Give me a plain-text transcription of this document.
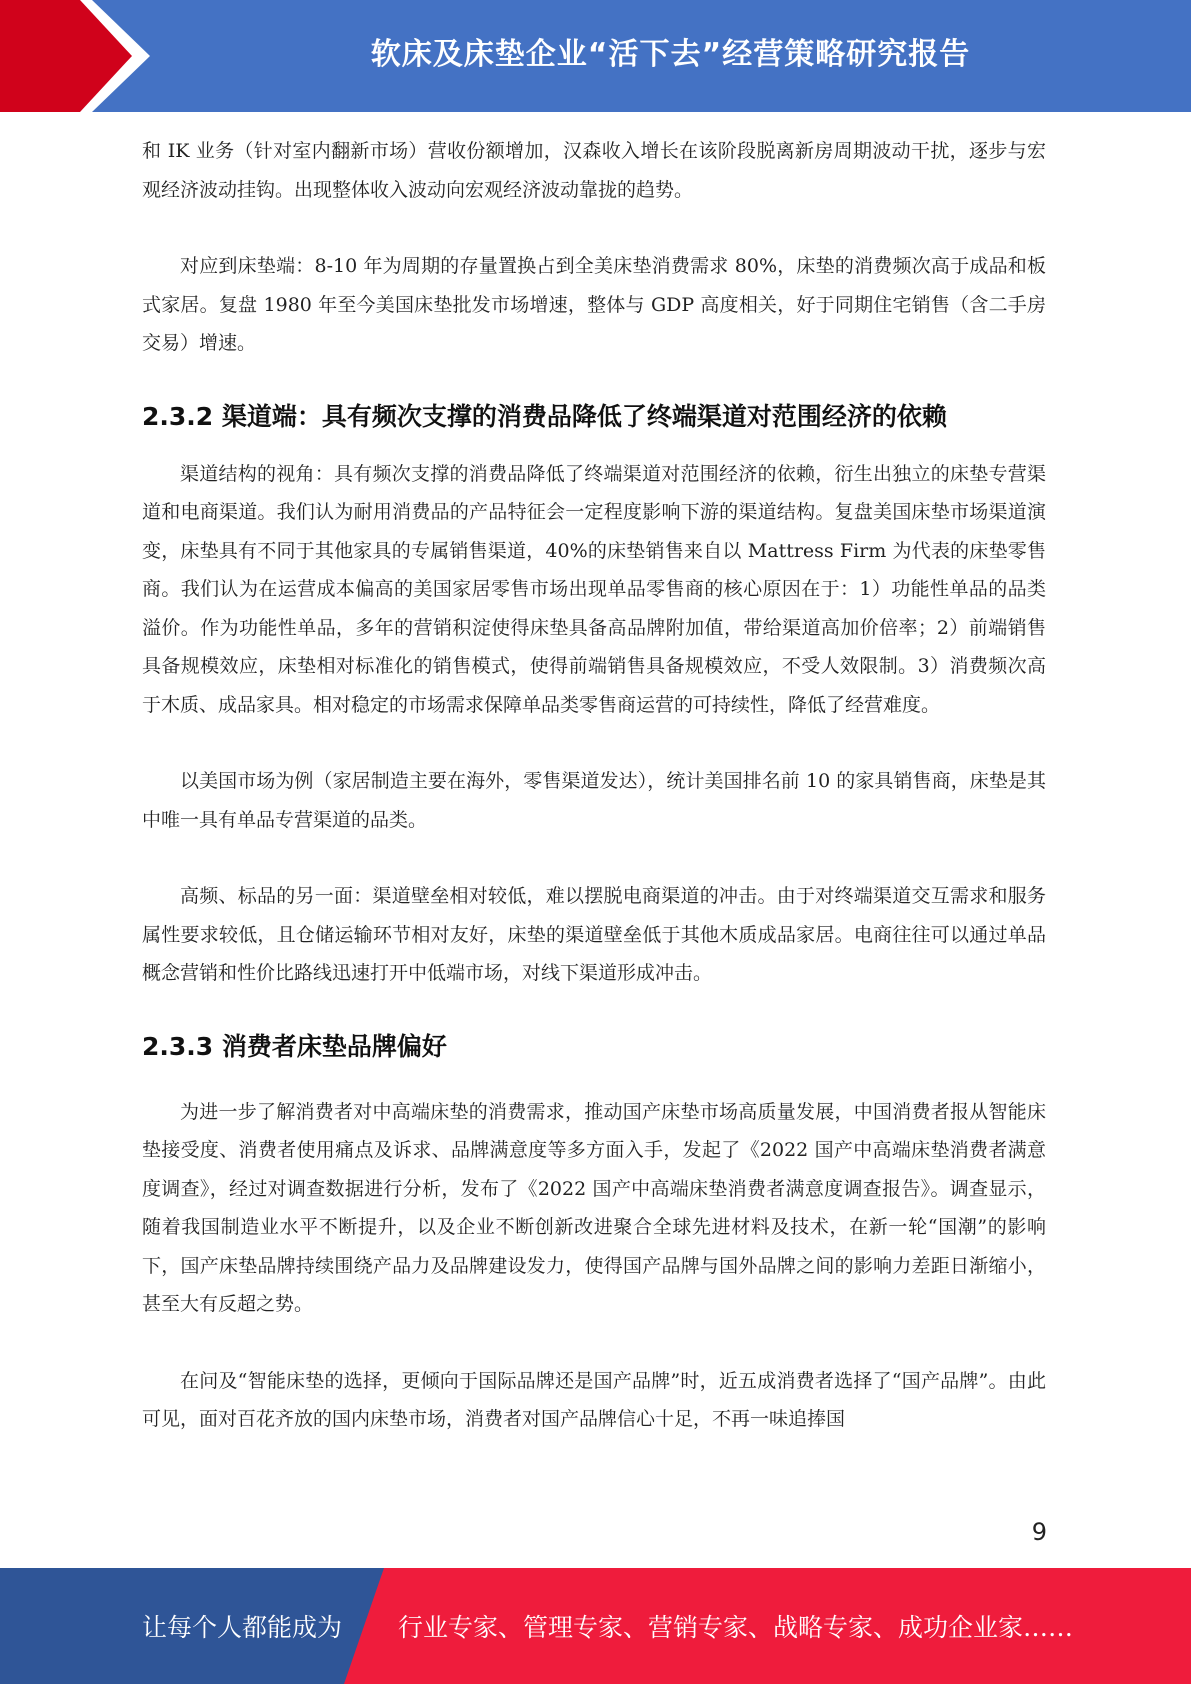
软床及床垫企业“活下去”经营策略研究报告

和 IK 业务（针对室内翻新市场）营收份额增加，汉森收入增长在该阶段脱离新房周期波动干扰，逐步与宏观经济波动挂钩。出现整体收入波动向宏观经济波动靠拢的趋势。

对应到床垫端：8-10 年为周期的存量置换占到全美床垫消费需求 80%，床垫的消费频次高于成品和板式家居。复盘 1980 年至今美国床垫批发市场增速，整体与 GDP 高度相关，好于同期住宅销售（含二手房交易）增速。

2.3.2 渠道端：具有频次支撑的消费品降低了终端渠道对范围经济的依赖

渠道结构的视角：具有频次支撑的消费品降低了终端渠道对范围经济的依赖，衍生出独立的床垫专营渠道和电商渠道。我们认为耐用消费品的产品特征会一定程度影响下游的渠道结构。复盘美国床垫市场渠道演变，床垫具有不同于其他家具的专属销售渠道，40%的床垫销售来自以 Mattress Firm 为代表的床垫零售商。我们认为在运营成本偏高的美国家居零售市场出现单品零售商的核心原因在于：1）功能性单品的品类溢价。作为功能性单品，多年的营销积淀使得床垫具备高品牌附加值，带给渠道高加价倍率；2）前端销售具备规模效应，床垫相对标准化的销售模式，使得前端销售具备规模效应，不受人效限制。3）消费频次高于木质、成品家具。相对稳定的市场需求保障单品类零售商运营的可持续性，降低了经营难度。

以美国市场为例（家居制造主要在海外，零售渠道发达），统计美国排名前 10 的家具销售商，床垫是其中唯一具有单品专营渠道的品类。

高频、标品的另一面：渠道壁垒相对较低，难以摆脱电商渠道的冲击。由于对终端渠道交互需求和服务属性要求较低，且仓储运输环节相对友好，床垫的渠道壁垒低于其他木质成品家居。电商往往可以通过单品概念营销和性价比路线迅速打开中低端市场，对线下渠道形成冲击。

2.3.3 消费者床垫品牌偏好

为进一步了解消费者对中高端床垫的消费需求，推动国产床垫市场高质量发展，中国消费者报从智能床垫接受度、消费者使用痛点及诉求、品牌满意度等多方面入手，发起了《2022 国产中高端床垫消费者满意度调查》，经过对调查数据进行分析，发布了《2022 国产中高端床垫消费者满意度调查报告》。调查显示，随着我国制造业水平不断提升，以及企业不断创新改进聚合全球先进材料及技术，在新一轮“国潮”的影响下，国产床垫品牌持续围绕产品力及品牌建设发力，使得国产品牌与国外品牌之间的影响力差距日渐缩小，甚至大有反超之势。

在问及“智能床垫的选择，更倾向于国际品牌还是国产品牌”时，近五成消费者选择了“国产品牌”。由此可见，面对百花齐放的国内床垫市场，消费者对国产品牌信心十足，不再一味追捧国

9
让每个人都能成为 行业专家、管理专家、营销专家、战略专家、成功企业家……
